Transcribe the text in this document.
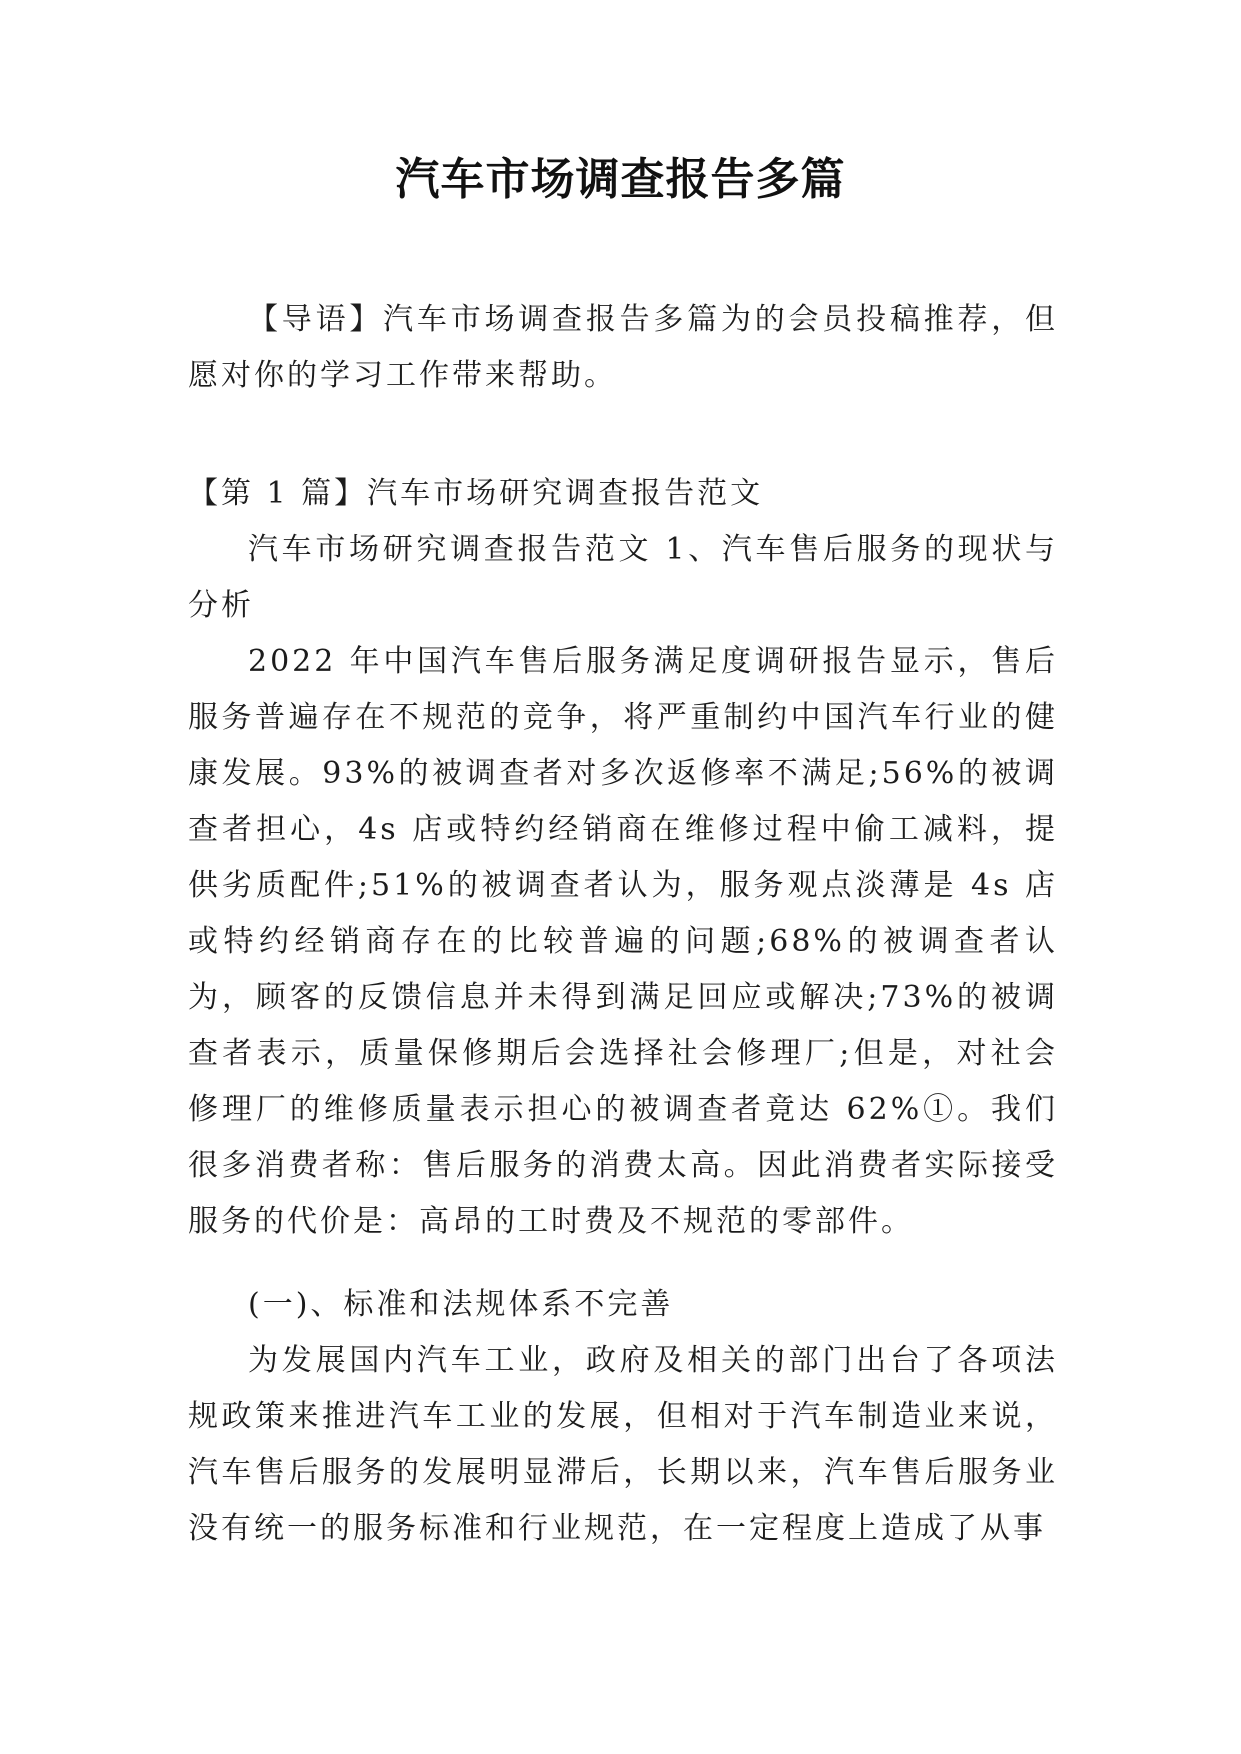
汽车市场调查报告多篇

【导语】汽车市场调查报告多篇为的会员投稿推荐，但愿对你的学习工作带来帮助。

【第 1 篇】汽车市场研究调查报告范文

汽车市场研究调查报告范文 1、汽车售后服务的现状与分析

2022 年中国汽车售后服务满足度调研报告显示，售后服务普遍存在不规范的竞争，将严重制约中国汽车行业的健康发展。93%的被调查者对多次返修率不满足;56%的被调查者担心，4s 店或特约经销商在维修过程中偷工减料，提供劣质配件;51%的被调查者认为，服务观点淡薄是 4s 店或特约经销商存在的比较普遍的问题;68%的被调查者认为，顾客的反馈信息并未得到满足回应或解决;73%的被调查者表示，质量保修期后会选择社会修理厂;但是，对社会修理厂的维修质量表示担心的被调查者竟达 62%①。我们很多消费者称：售后服务的消费太高。因此消费者实际接受服务的代价是：高昂的工时费及不规范的零部件。

(一)、标准和法规体系不完善

为发展国内汽车工业，政府及相关的部门出台了各项法规政策来推进汽车工业的发展，但相对于汽车制造业来说，汽车售后服务的发展明显滞后，长期以来，汽车售后服务业没有统一的服务标准和行业规范，在一定程度上造成了从事
